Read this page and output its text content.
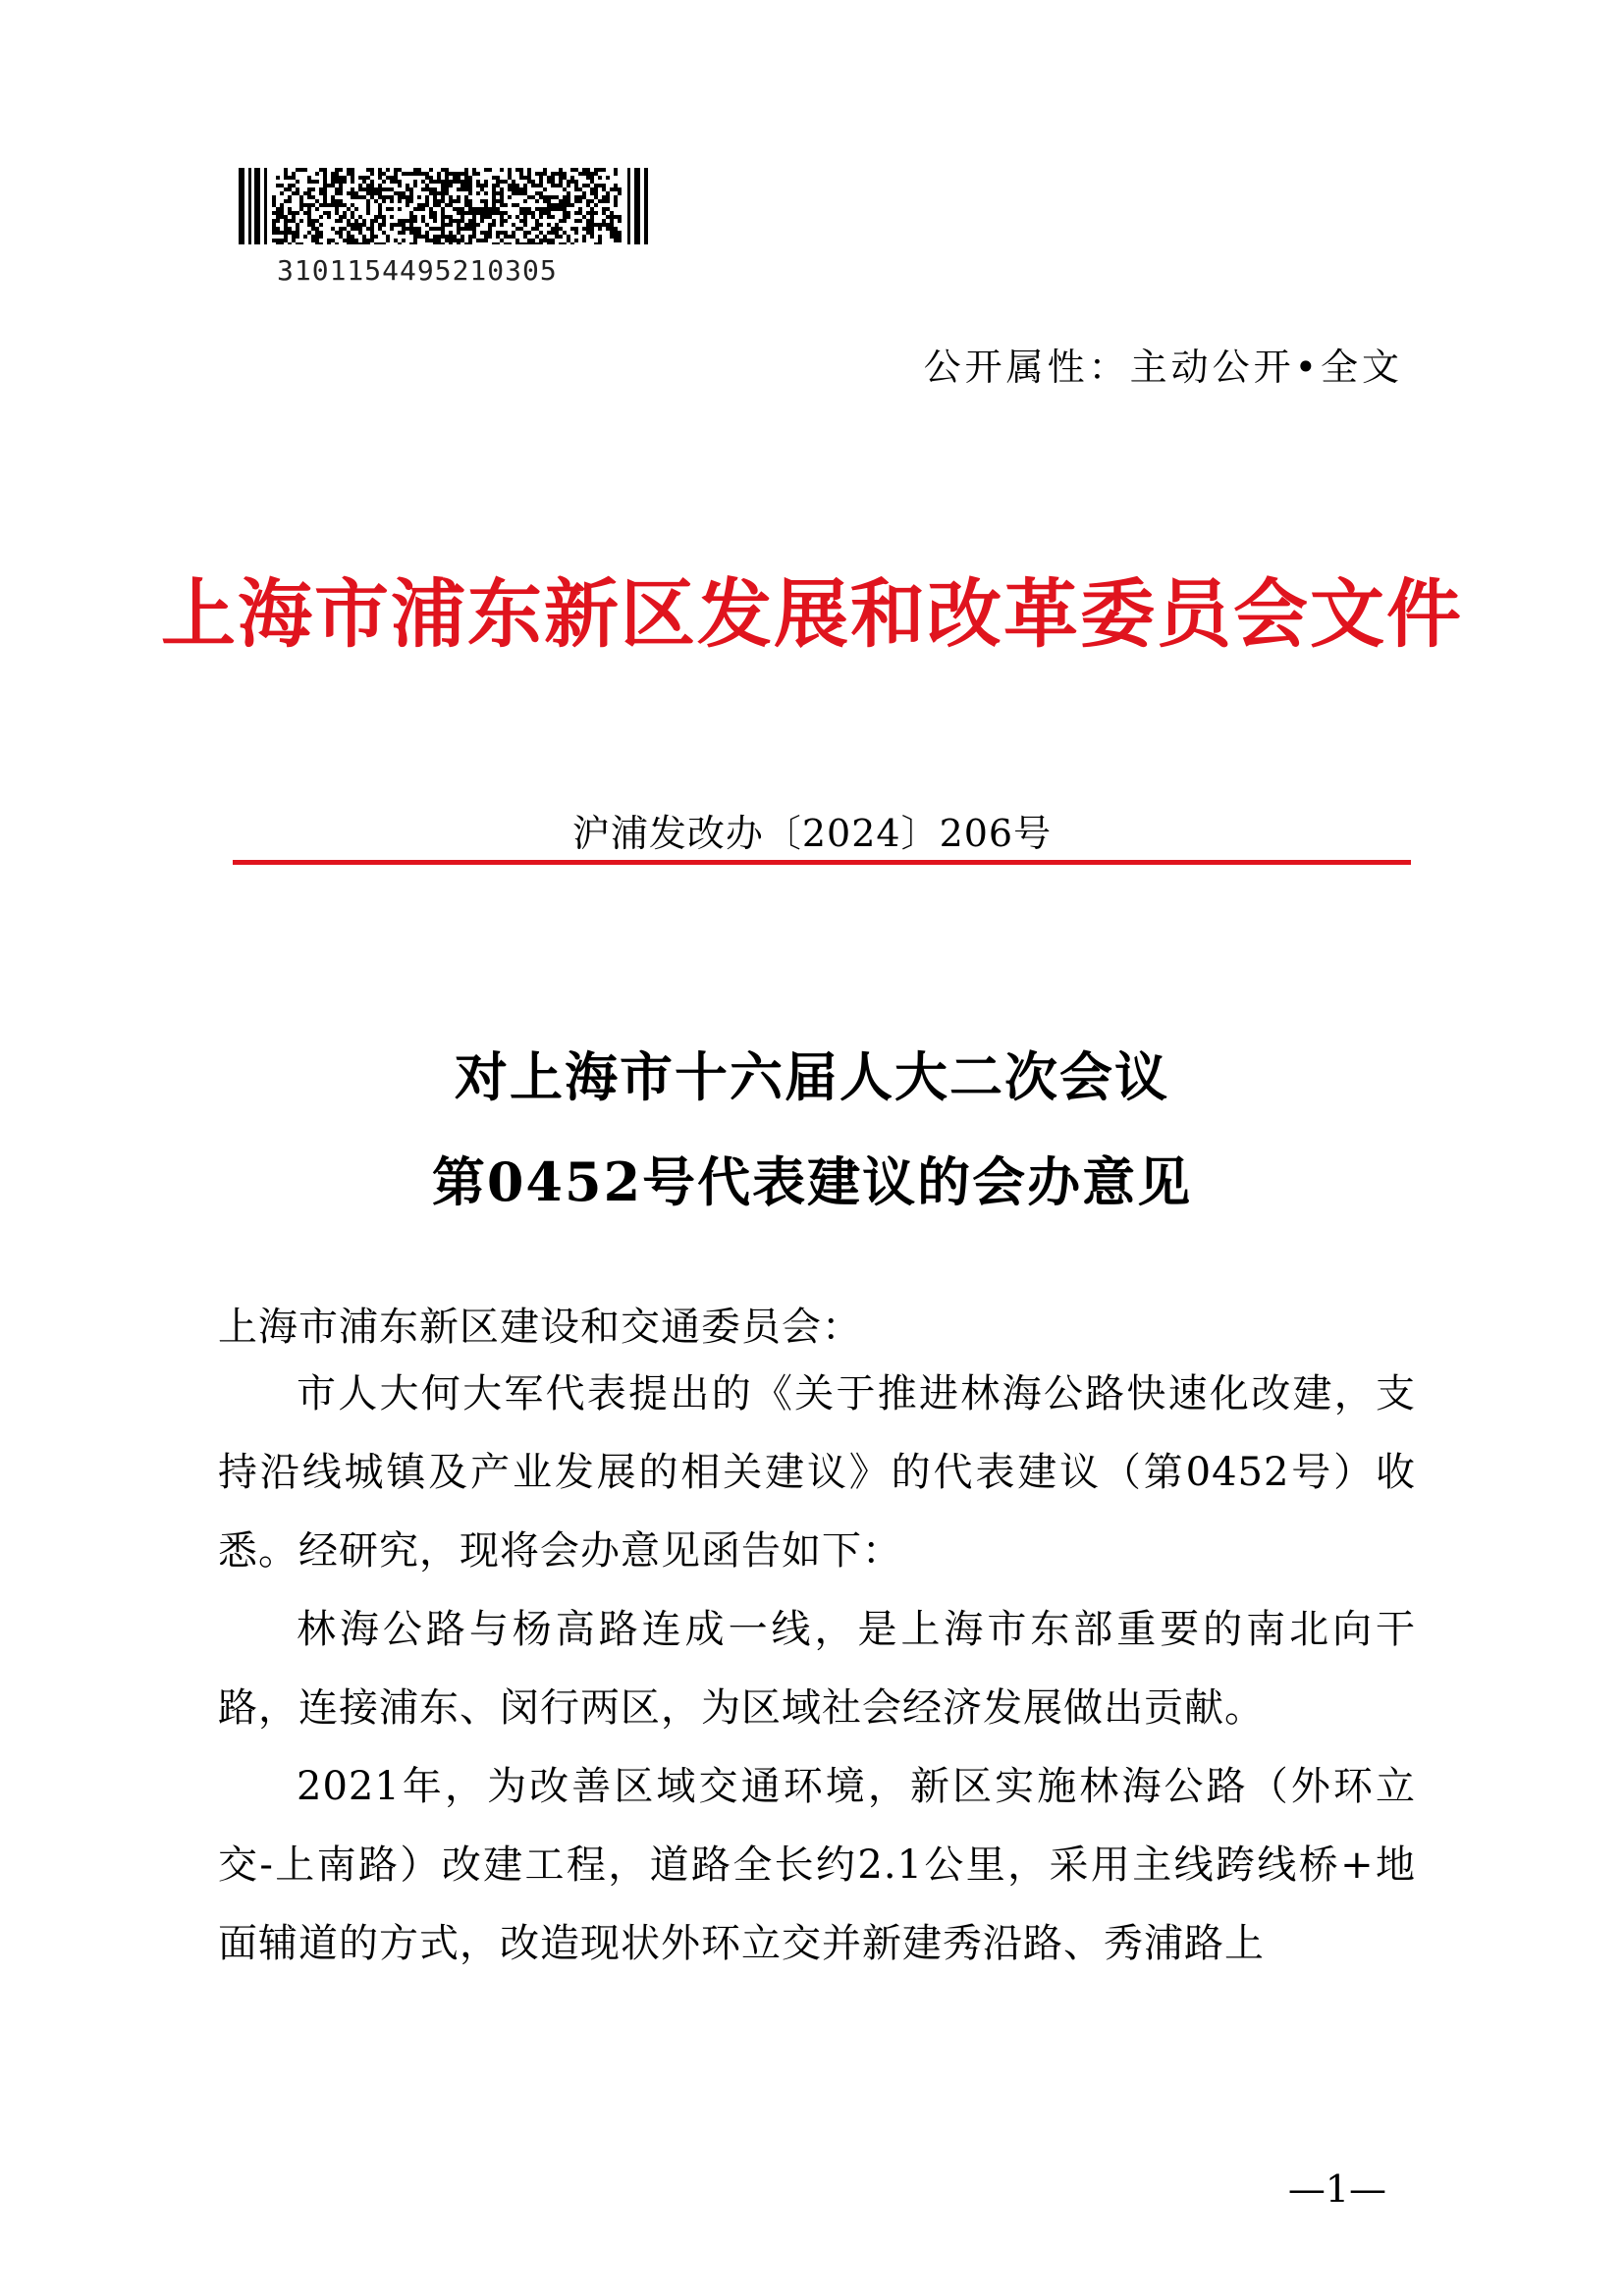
3101154495210305
公开属性：主动公开•全文
上海市浦东新区发展和改革委员会文件
沪浦发改办〔2024〕206号
对上海市十六届人大二次会议
第0452号代表建议的会办意见
上海市浦东新区建设和交通委员会：
市人大何大军代表提出的《关于推进林海公路快速化改建，支持沿线城镇及产业发展的相关建议》的代表建议（第0452号）收悉。经研究，现将会办意见函告如下：
林海公路与杨高路连成一线，是上海市东部重要的南北向干路，连接浦东、闵行两区，为区域社会经济发展做出贡献。
2021年，为改善区域交通环境，新区实施林海公路（外环立交-上南路）改建工程，道路全长约2.1公里，采用主线跨线桥+地面辅道的方式，改造现状外环立交并新建秀沿路、秀浦路上
—1—
